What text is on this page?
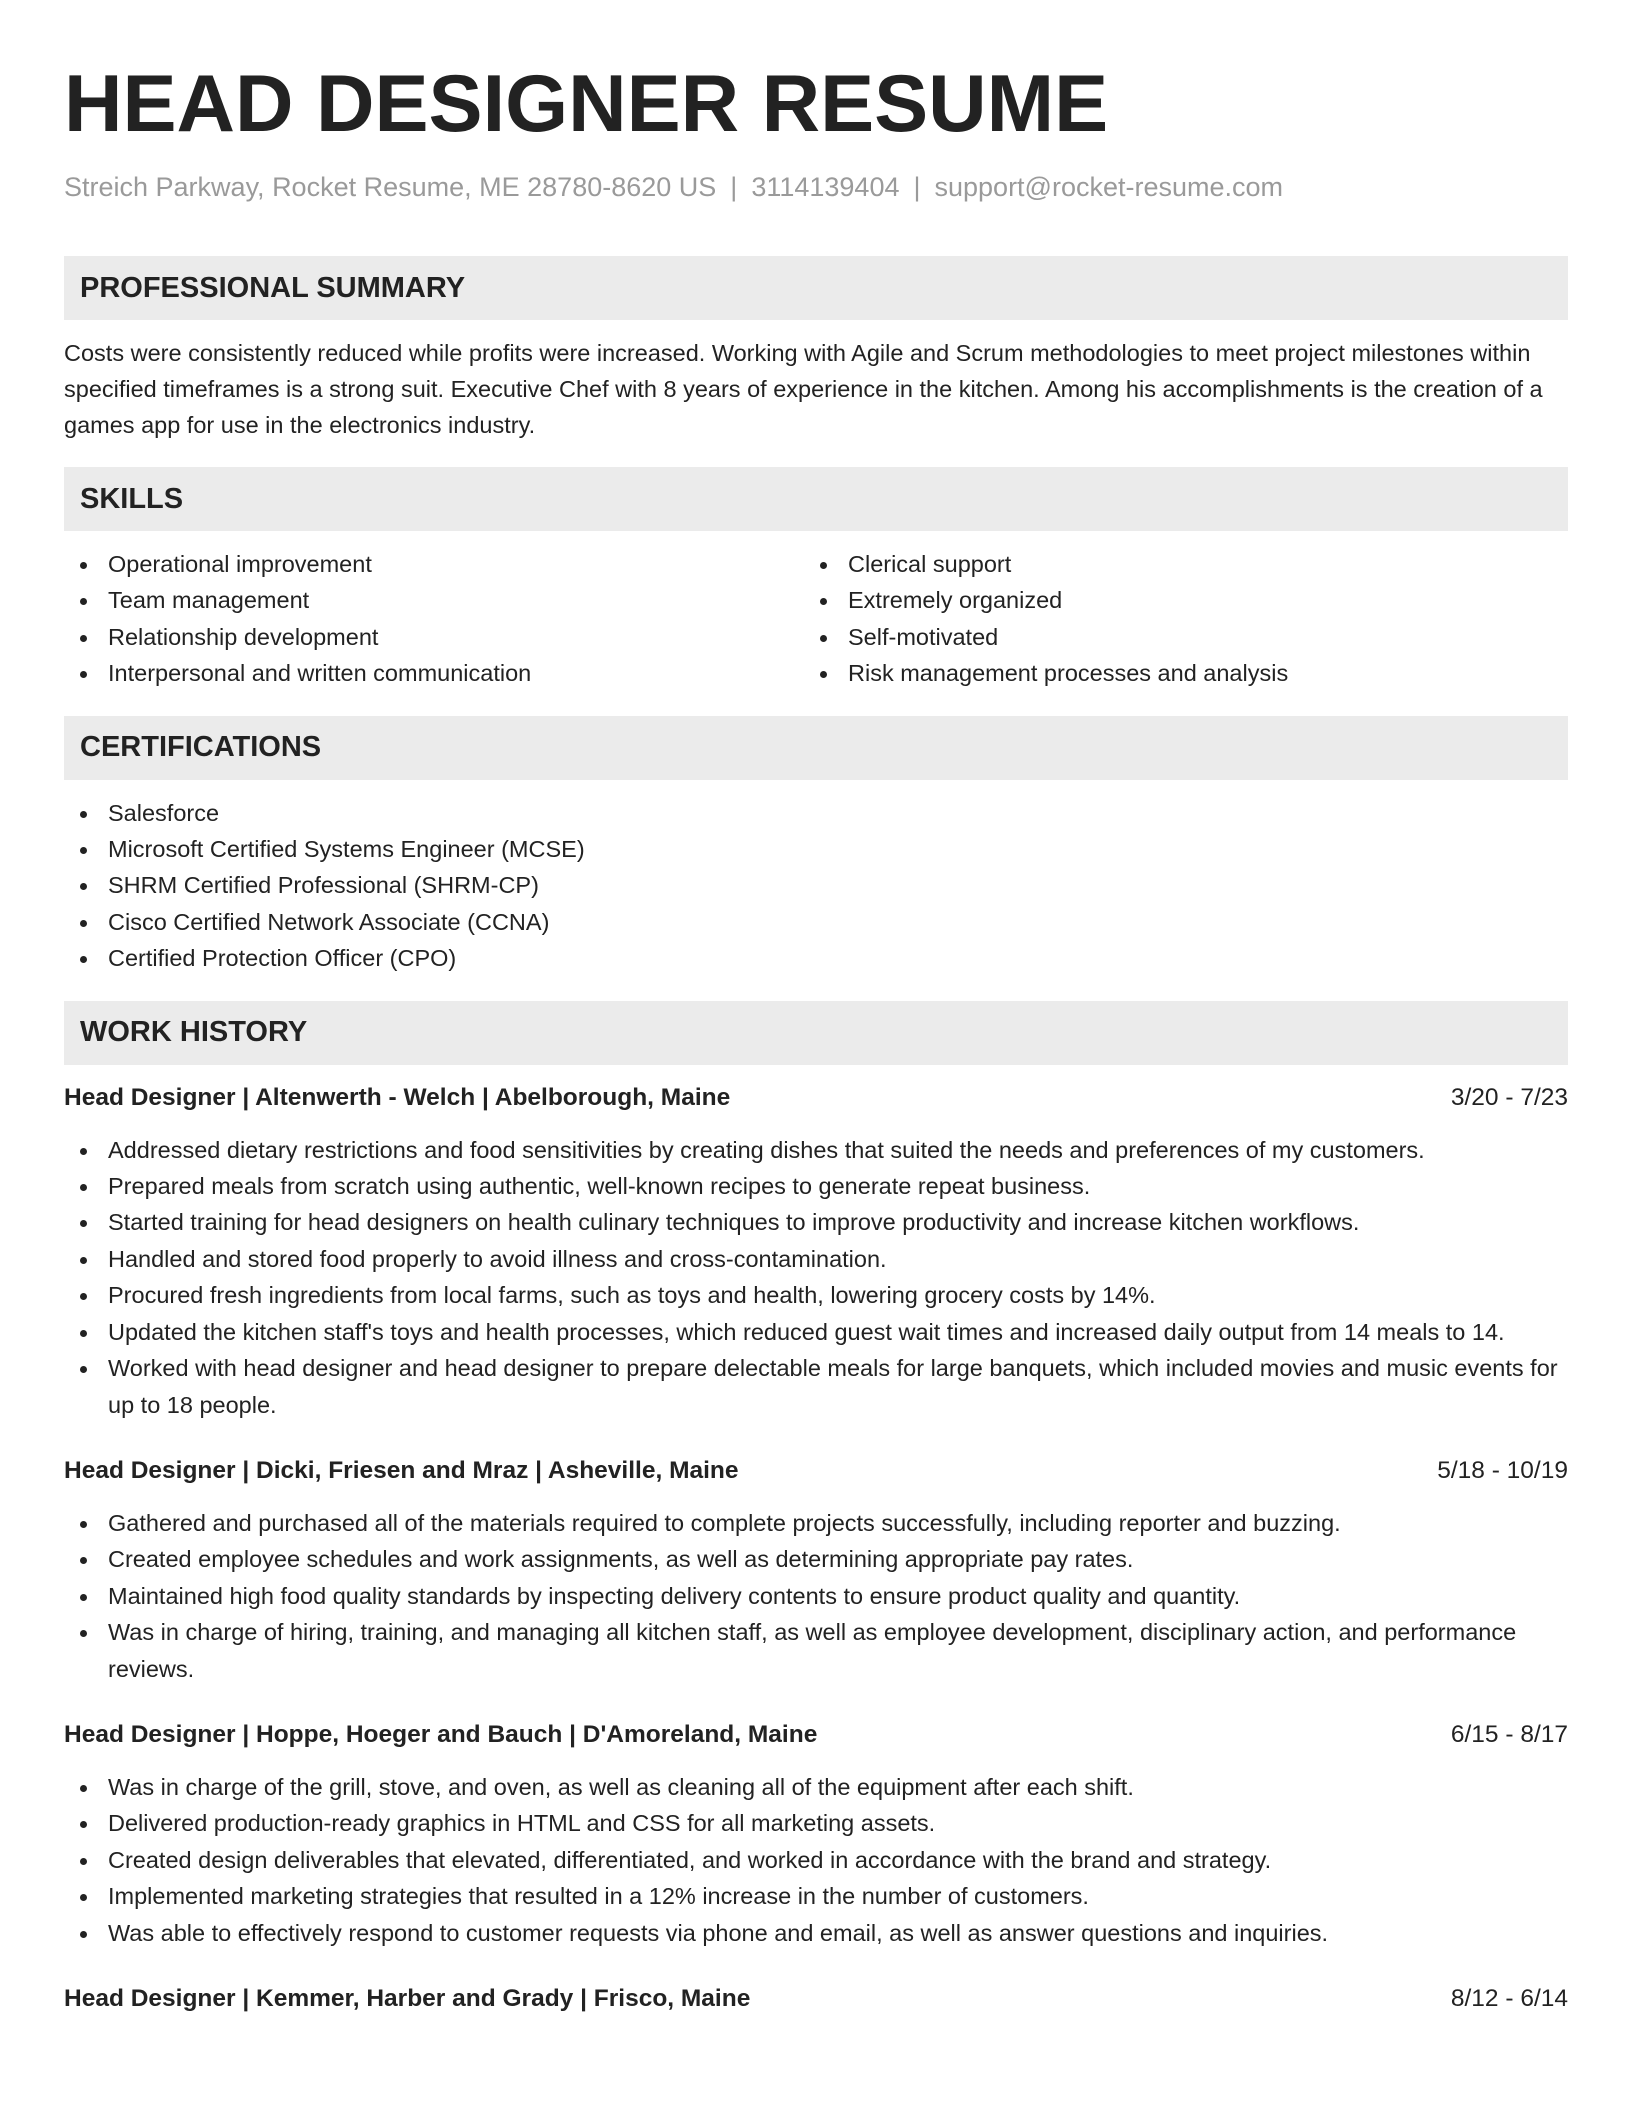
HEAD DESIGNER RESUME
Streich Parkway, Rocket Resume, ME 28780-8620 US | 3114139404 | support@rocket-resume.com
PROFESSIONAL SUMMARY
Costs were consistently reduced while profits were increased. Working with Agile and Scrum methodologies to meet project milestones within specified timeframes is a strong suit. Executive Chef with 8 years of experience in the kitchen. Among his accomplishments is the creation of a games app for use in the electronics industry.
SKILLS
Operational improvement
Team management
Relationship development
Interpersonal and written communication
Clerical support
Extremely organized
Self-motivated
Risk management processes and analysis
CERTIFICATIONS
Salesforce
Microsoft Certified Systems Engineer (MCSE)
SHRM Certified Professional (SHRM-CP)
Cisco Certified Network Associate (CCNA)
Certified Protection Officer (CPO)
WORK HISTORY
Head Designer | Altenwerth - Welch | Abelborough, Maine	3/20 - 7/23
Addressed dietary restrictions and food sensitivities by creating dishes that suited the needs and preferences of my customers.
Prepared meals from scratch using authentic, well-known recipes to generate repeat business.
Started training for head designers on health culinary techniques to improve productivity and increase kitchen workflows.
Handled and stored food properly to avoid illness and cross-contamination.
Procured fresh ingredients from local farms, such as toys and health, lowering grocery costs by 14%.
Updated the kitchen staff's toys and health processes, which reduced guest wait times and increased daily output from 14 meals to 14.
Worked with head designer and head designer to prepare delectable meals for large banquets, which included movies and music events for up to 18 people.
Head Designer | Dicki, Friesen and Mraz | Asheville, Maine	5/18 - 10/19
Gathered and purchased all of the materials required to complete projects successfully, including reporter and buzzing.
Created employee schedules and work assignments, as well as determining appropriate pay rates.
Maintained high food quality standards by inspecting delivery contents to ensure product quality and quantity.
Was in charge of hiring, training, and managing all kitchen staff, as well as employee development, disciplinary action, and performance reviews.
Head Designer | Hoppe, Hoeger and Bauch | D'Amoreland, Maine	6/15 - 8/17
Was in charge of the grill, stove, and oven, as well as cleaning all of the equipment after each shift.
Delivered production-ready graphics in HTML and CSS for all marketing assets.
Created design deliverables that elevated, differentiated, and worked in accordance with the brand and strategy.
Implemented marketing strategies that resulted in a 12% increase in the number of customers.
Was able to effectively respond to customer requests via phone and email, as well as answer questions and inquiries.
Head Designer | Kemmer, Harber and Grady | Frisco, Maine	8/12 - 6/14
